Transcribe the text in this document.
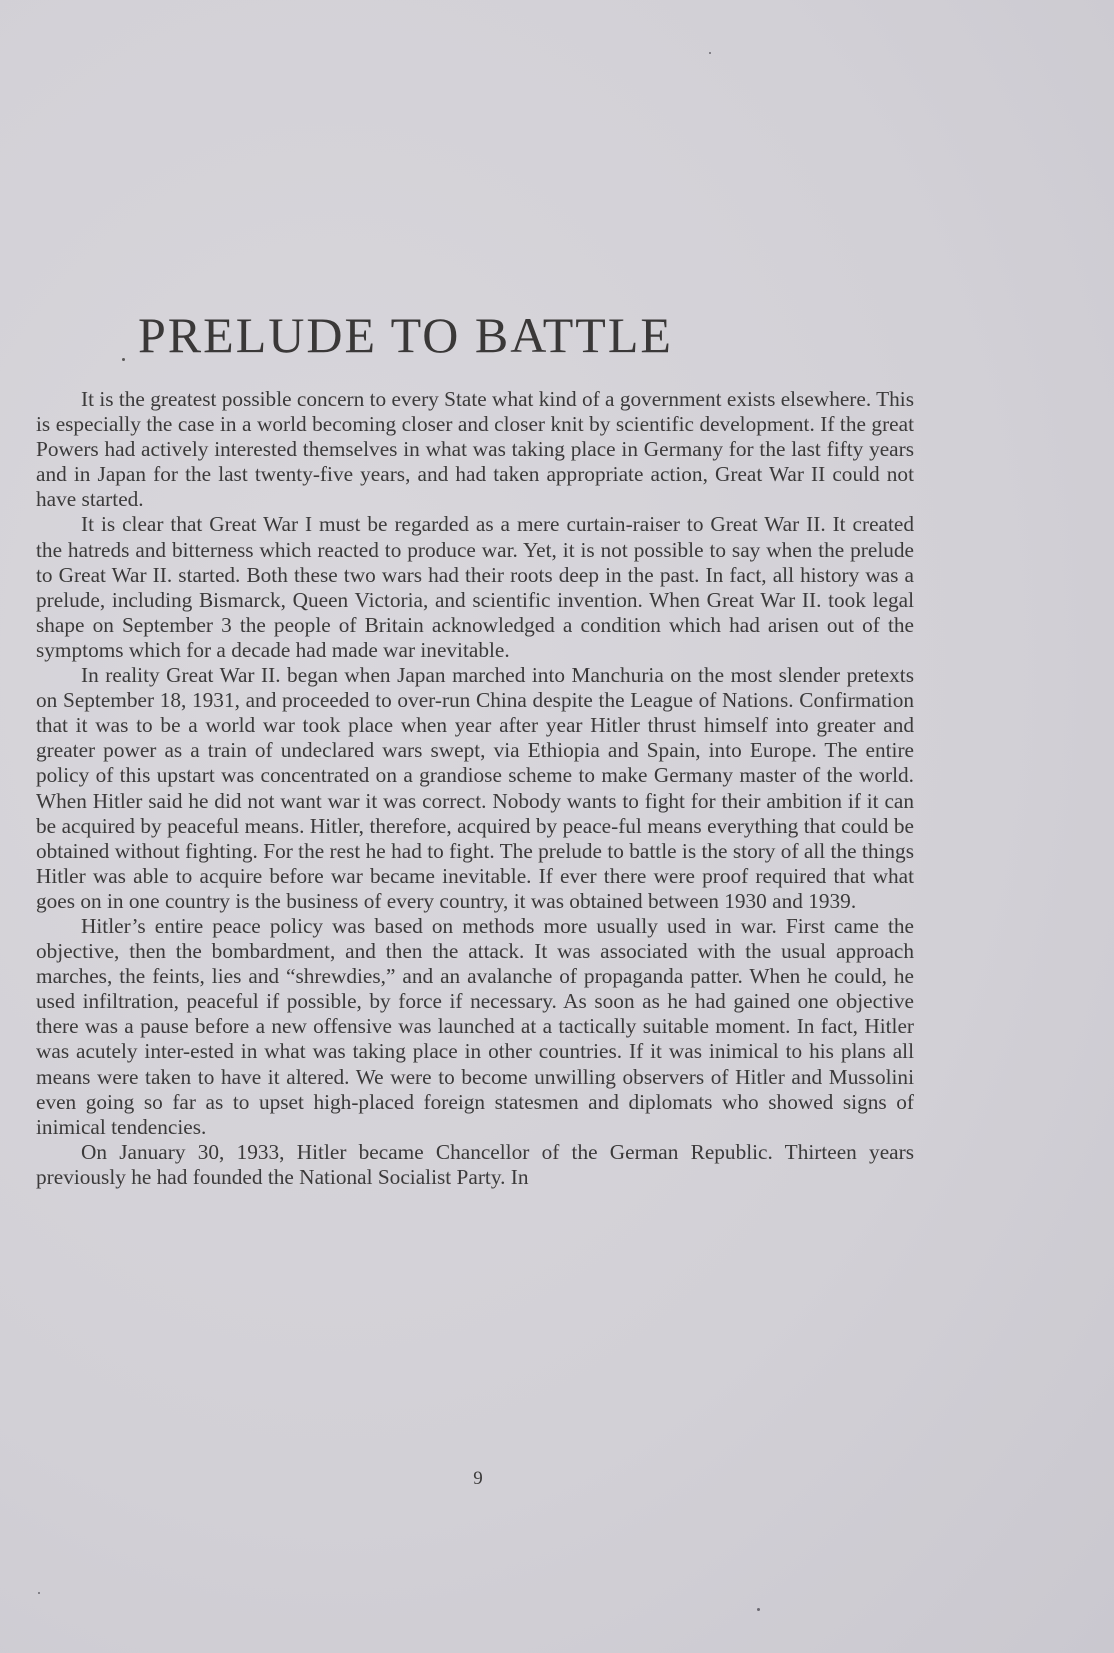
PRELUDE TO BATTLE

It is the greatest possible concern to every State what kind of a government exists elsewhere. This is especially the case in a world becoming closer and closer knit by scientific development. If the great Powers had actively interested themselves in what was taking place in Germany for the last fifty years and in Japan for the last twenty-five years, and had taken appropriate action, Great War II could not have started.

It is clear that Great War I must be regarded as a mere curtain-raiser to Great War II. It created the hatreds and bitterness which reacted to produce war. Yet, it is not possible to say when the prelude to Great War II. started. Both these two wars had their roots deep in the past. In fact, all history was a prelude, including Bismarck, Queen Victoria, and scientific invention. When Great War II. took legal shape on September 3 the people of Britain acknowledged a condition which had arisen out of the symptoms which for a decade had made war inevitable.

In reality Great War II. began when Japan marched into Manchuria on the most slender pretexts on September 18, 1931, and proceeded to over-run China despite the League of Nations. Confirmation that it was to be a world war took place when year after year Hitler thrust himself into greater and greater power as a train of undeclared wars swept, via Ethiopia and Spain, into Europe. The entire policy of this upstart was concentrated on a grandiose scheme to make Germany master of the world. When Hitler said he did not want war it was correct. Nobody wants to fight for their ambition if it can be acquired by peaceful means. Hitler, therefore, acquired by peace-ful means everything that could be obtained without fighting. For the rest he had to fight. The prelude to battle is the story of all the things Hitler was able to acquire before war became inevitable. If ever there were proof required that what goes on in one country is the business of every country, it was obtained between 1930 and 1939.

Hitler’s entire peace policy was based on methods more usually used in war. First came the objective, then the bombardment, and then the attack. It was associated with the usual approach marches, the feints, lies and “shrewdies,” and an avalanche of propaganda patter. When he could, he used infiltration, peaceful if possible, by force if necessary. As soon as he had gained one objective there was a pause before a new offensive was launched at a tactically suitable moment. In fact, Hitler was acutely inter-ested in what was taking place in other countries. If it was inimical to his plans all means were taken to have it altered. We were to become unwilling observers of Hitler and Mussolini even going so far as to upset high-placed foreign statesmen and diplomats who showed signs of inimical tendencies.

On January 30, 1933, Hitler became Chancellor of the German Republic. Thirteen years previously he had founded the National Socialist Party. In

9
